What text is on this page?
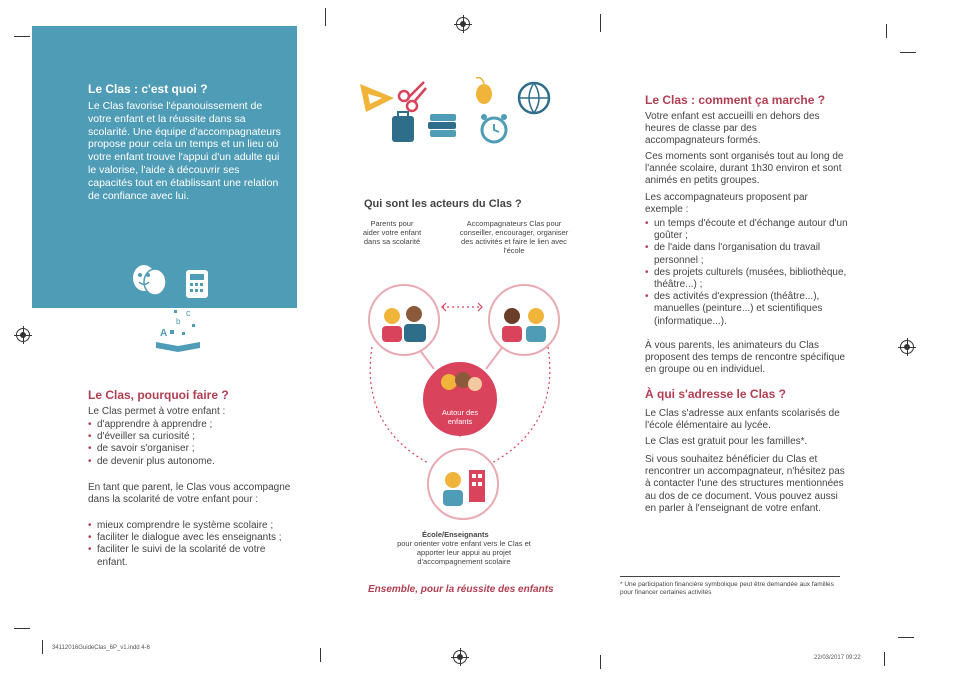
Le Clas : c'est quoi ?
Le Clas favorise l'épanouissement de votre enfant et la réussite dans sa scolarité. Une équipe d'accompagnateurs propose pour cela un temps et un lieu où votre enfant trouve l'appui d'un adulte qui le valorise, l'aide à découvrir ses capacités tout en établissant une relation de confiance avec lui.
A
b
c
Le Clas, pourquoi faire ?
Le Clas permet à votre enfant :
• d'apprendre à apprendre ;
• d'éveiller sa curiosité ;
• de savoir s'organiser ;
• de devenir plus autonome.
En tant que parent, le Clas vous accompagne dans la scolarité de votre enfant pour :
• mieux comprendre le système scolaire ;
• faciliter le dialogue avec les enseignants ;
• faciliter le suivi de la scolarité de votre enfant.
Qui sont les acteurs du Clas ?
Parents pour aider votre enfant dans sa scolarité
Accompagnateurs Clas pour conseiller, encourager, organiser des activités et faire le lien avec l'école
Autour des enfants
École/Enseignants
pour orienter votre enfant vers le Clas et apporter leur appui au projet d'accompagnement scolaire
Ensemble, pour la réussite des enfants
Le Clas : comment ça marche ?
Votre enfant est accueilli en dehors des heures de classe par des accompagnateurs formés.
Ces moments sont organisés tout au long de l'année scolaire, durant 1h30 environ et sont animés en petits groupes.
Les accompagnateurs proposent par exemple :
• un temps d'écoute et d'échange autour d'un goûter ;
• de l'aide dans l'organisation du travail personnel ;
• des projets culturels (musées, bibliothèque, théâtre...) ;
• des activités d'expression (théâtre...), manuelles (peinture...) et scientifiques (informatique...).
À vous parents, les animateurs du Clas proposent des temps de rencontre spécifique en groupe ou en individuel.
À qui s'adresse le Clas ?
Le Clas s'adresse aux enfants scolarisés de l'école élémentaire au lycée.
Le Clas est gratuit pour les familles*.
Si vous souhaitez bénéficier du Clas et rencontrer un accompagnateur, n'hésitez pas à contacter l'une des structures mentionnées au dos de ce document. Vous pouvez aussi en parler à l'enseignant de votre enfant.
* Une participation financière symbolique peut être demandée aux familles pour financer certaines activités
34112016GuideClas_6P_v1.indd 4-6
22/03/2017 09:22
